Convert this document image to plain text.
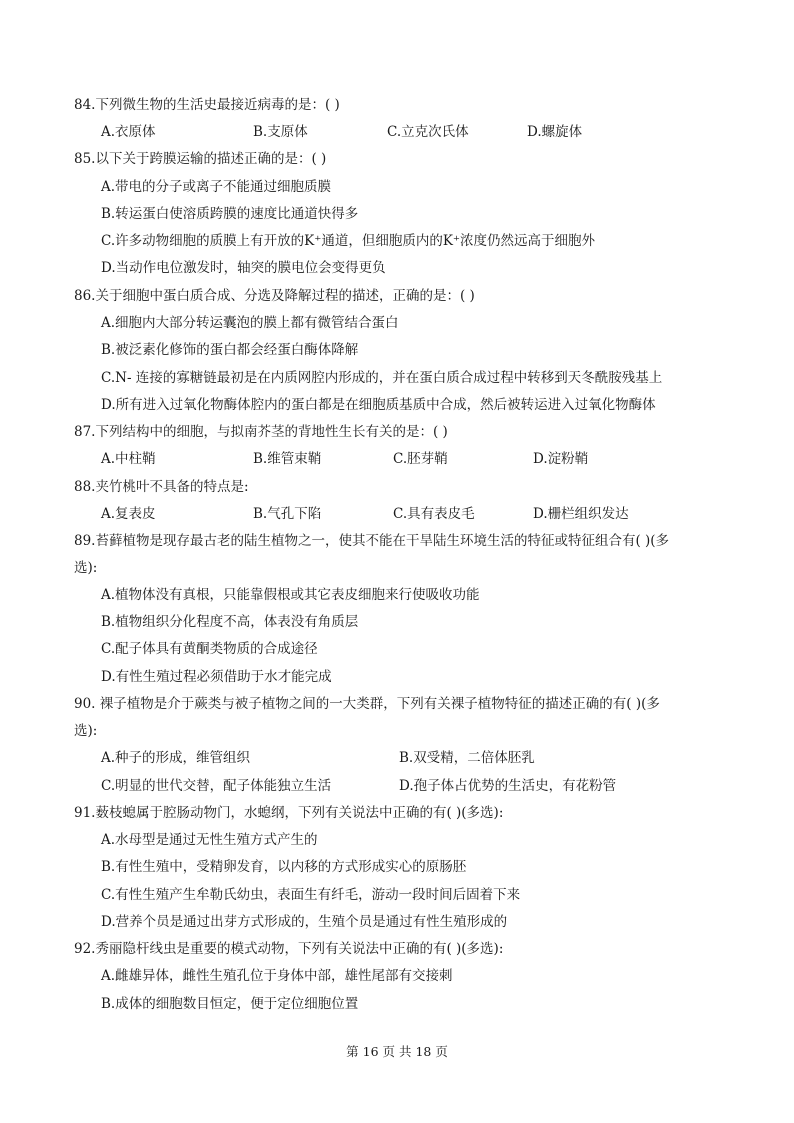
84.下列微生物的生活史最接近病毒的是：( )
A.衣原体	B.支原体	C.立克次氏体	D.螺旋体
85.以下关于跨膜运输的描述正确的是：( )
A.带电的分子或离子不能通过细胞质膜
B.转运蛋白使溶质跨膜的速度比通道快得多
C.许多动物细胞的质膜上有开放的K⁺通道，但细胞质内的K⁺浓度仍然远高于细胞外
D.当动作电位激发时，轴突的膜电位会变得更负
86.关于细胞中蛋白质合成、分选及降解过程的描述，正确的是：( )
A.细胞内大部分转运囊泡的膜上都有微管结合蛋白
B.被泛素化修饰的蛋白都会经蛋白酶体降解
C.N- 连接的寡糖链最初是在内质网腔内形成的，并在蛋白质合成过程中转移到天冬酰胺残基上
D.所有进入过氧化物酶体腔内的蛋白都是在细胞质基质中合成，然后被转运进入过氧化物酶体
87.下列结构中的细胞，与拟南芥茎的背地性生长有关的是：( )
A.中柱鞘	B.维管束鞘	C.胚芽鞘	D.淀粉鞘
88.夹竹桃叶不具备的特点是:
A.复表皮	B.气孔下陷	C.具有表皮毛	D.栅栏组织发达
89.苔藓植物是现存最古老的陆生植物之一，使其不能在干旱陆生环境生活的特征或特征组合有( )(多
选):
A.植物体没有真根，只能靠假根或其它表皮细胞来行使吸收功能
B.植物组织分化程度不高，体表没有角质层
C.配子体具有黄酮类物质的合成途径
D.有性生殖过程必须借助于水才能完成
90. 裸子植物是介于蕨类与被子植物之间的一大类群，下列有关裸子植物特征的描述正确的有( )(多
选):
A.种子的形成，维管组织	B.双受精，二倍体胚乳
C.明显的世代交替，配子体能独立生活	D.孢子体占优势的生活史，有花粉管
91.薮枝螅属于腔肠动物门，水螅纲，下列有关说法中正确的有( )(多选):
A.水母型是通过无性生殖方式产生的
B.有性生殖中，受精卵发育，以内移的方式形成实心的原肠胚
C.有性生殖产生牟勒氏幼虫，表面生有纤毛，游动一段时间后固着下来
D.营养个员是通过出芽方式形成的，生殖个员是通过有性生殖形成的
92.秀丽隐杆线虫是重要的模式动物，下列有关说法中正确的有( )(多选):
A.雌雄异体，雌性生殖孔位于身体中部，雄性尾部有交接刺
B.成体的细胞数目恒定，便于定位细胞位置
第 16 页 共 18 页
